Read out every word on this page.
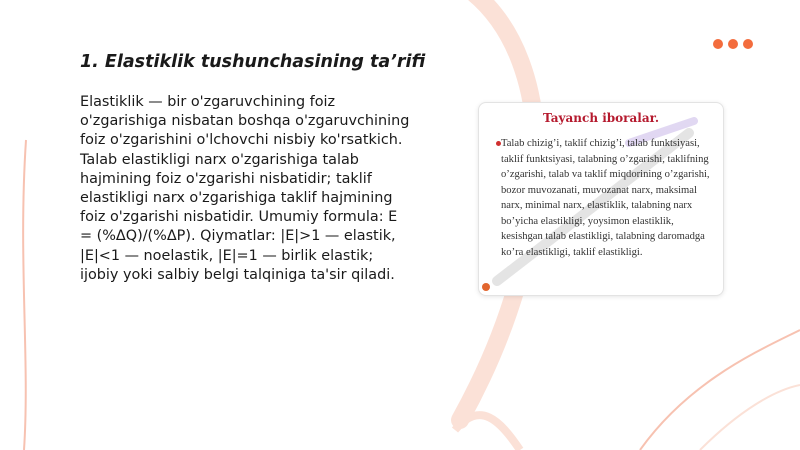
1. Elastiklik tushunchasining ta’rifi

Elastiklik — bir o'zgaruvchining foiz o'zgarishiga nisbatan boshqa o'zgaruvchining foiz o'zgarishini o'lchovchi nisbiy ko'rsatkich. Talab elastikligi narx o'zgarishiga talab hajmining foiz o'zgarishi nisbatidir; taklif elastikligi narx o'zgarishiga taklif hajmining foiz o'zgarishi nisbatidir. Umumiy formula: E = (%ΔQ)/(%ΔP). Qiymatlar: |E|>1 — elastik, |E|<1 — noelastik, |E|=1 — birlik elastik; ijobiy yoki salbiy belgi talqiniga ta'sir qiladi.

Tayanch iboralar.

Talab chizig’i, taklif chizig’i, talab funktsiyasi, taklif funktsiyasi, talabning o’zgarishi, taklifning o’zgarishi, talab va taklif miqdorining o’zgarishi, bozor muvozanati, muvozanat narx, maksimal narx, minimal narx, elastiklik, talabning narx bo’yicha elastikligi, yoysimon elastiklik, kesishgan talab elastikligi, talabning daromadga ko’ra elastikligi, taklif elastikligi.
